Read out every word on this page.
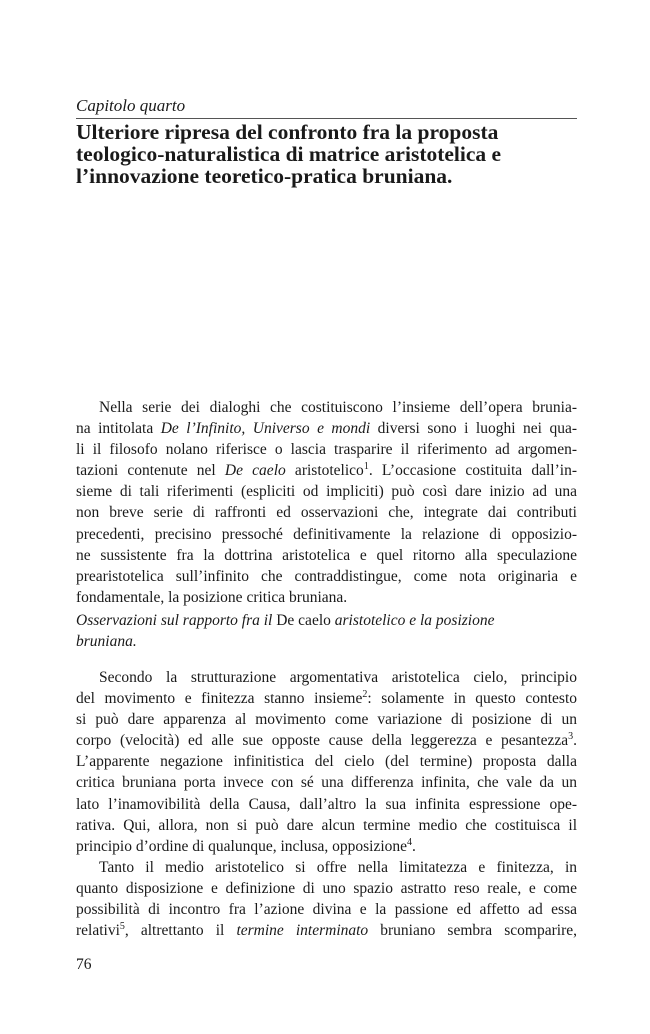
Capitolo quarto
Ulteriore ripresa del confronto fra la proposta
teologico-naturalistica di matrice aristotelica e
l’innovazione teoretico-pratica bruniana.
Nella serie dei dialoghi che costituiscono l’insieme dell’opera brunia-
na intitolata De l’Infinito, Universo e mondi diversi sono i luoghi nei qua-
li il filosofo nolano riferisce o lascia trasparire il riferimento ad argomen-
tazioni contenute nel De caelo aristotelico$^1$. L’occasione costituita dall’in-
sieme di tali riferimenti (espliciti od impliciti) può così dare inizio ad una
non breve serie di raffronti ed osservazioni che, integrate dai contributi
precedenti, precisino pressoché definitivamente la relazione di opposizio-
ne sussistente fra la dottrina aristotelica e quel ritorno alla speculazione
prearistotelica sull’infinito che contraddistingue, come nota originaria e
fondamentale, la posizione critica bruniana.
Osservazioni sul rapporto fra il De caelo aristotelico e la posizione
bruniana.
Secondo la strutturazione argomentativa aristotelica cielo, principio
del movimento e finitezza stanno insieme$^2$: solamente in questo contesto
si può dare apparenza al movimento come variazione di posizione di un
corpo (velocità) ed alle sue opposte cause della leggerezza e pesantezza$^3$.
L’apparente negazione infinitistica del cielo (del termine) proposta dalla
critica bruniana porta invece con sé una differenza infinita, che vale da un
lato l’inamovibilità della Causa, dall’altro la sua infinita espressione ope-
rativa. Qui, allora, non si può dare alcun termine medio che costituisca il
principio d’ordine di qualunque, inclusa, opposizione$^4$.
Tanto il medio aristotelico si offre nella limitatezza e finitezza, in
quanto disposizione e definizione di uno spazio astratto reso reale, e come
possibilità di incontro fra l’azione divina e la passione ed affetto ad essa
relativi$^5$, altrettanto il termine interminato bruniano sembra scomparire,
76
